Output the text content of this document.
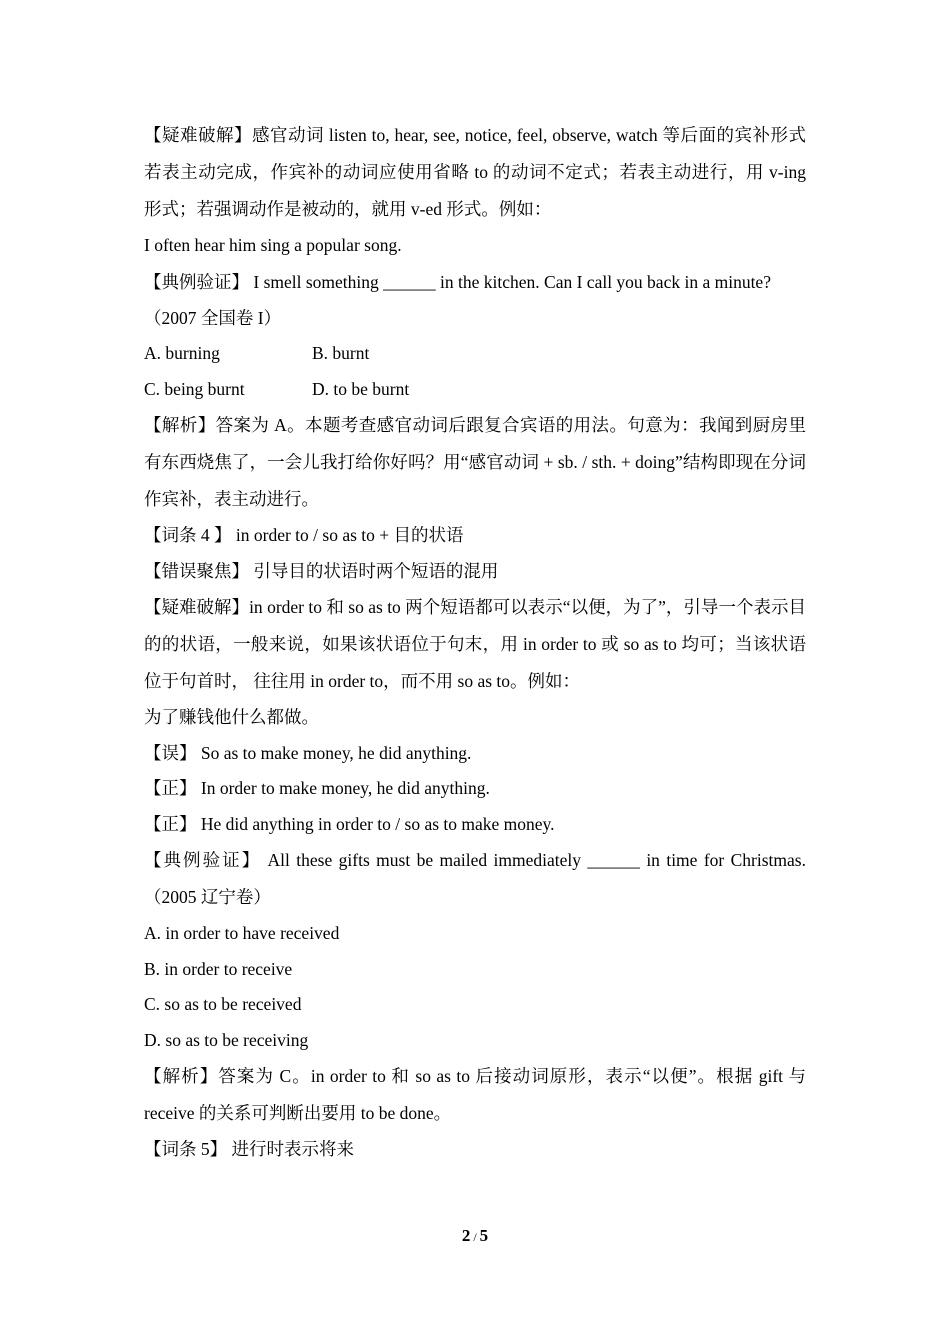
【疑难破解】感官动词 listen to, hear, see, notice, feel, observe, watch 等后面的宾补形式若表主动完成，作宾补的动词应使用省略 to 的动词不定式；若表主动进行，用 v-ing 形式；若强调动作是被动的，就用 v-ed 形式。例如：
I often hear him sing a popular song.
【典例验证】 I smell something ______ in the kitchen. Can I call you back in a minute?
（2007 全国卷 I）
A. burning	B. burnt
C. being burnt	D. to be burnt
【解析】答案为 A。本题考查感官动词后跟复合宾语的用法。句意为：我闻到厨房里有东西烧焦了，一会儿我打给你好吗？用“感官动词 + sb. / sth. + doing”结构即现在分词作宾补，表主动进行。
【词条 4 】 in order to / so as to + 目的状语
【错误聚焦】 引导目的状语时两个短语的混用
【疑难破解】in order to 和 so as to 两个短语都可以表示“以便，为了”，引导一个表示目的的状语，一般来说，如果该状语位于句末，用 in order to 或 so as to 均可；当该状语位于句首时， 往往用 in order to，而不用 so as to。例如：
为了赚钱他什么都做。
【误】 So as to make money, he did anything.
【正】 In order to make money, he did anything.
【正】 He did anything in order to / so as to make money.
【典例验证】 All these gifts must be mailed immediately ______ in time for Christmas. （2005 辽宁卷）
A. in order to have received
B. in order to receive
C. so as to be received
D. so as to be receiving
【解析】答案为 C。in order to 和 so as to 后接动词原形，表示“以便”。根据 gift 与 receive 的关系可判断出要用 to be done。
【词条 5】 进行时表示将来
2 / 5
